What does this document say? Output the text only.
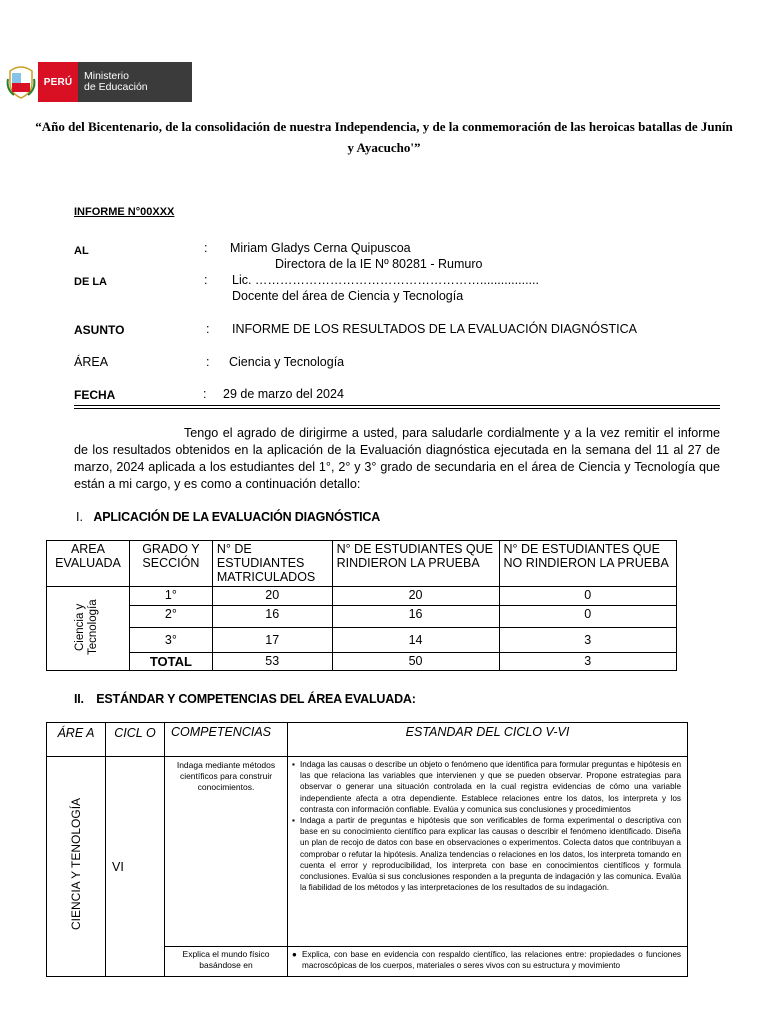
PERÚ	Ministerio
de Educación
“Año del Bicentenario, de la consolidación de nuestra Independencia, y de la conmemoración de las heroicas batallas de Junín
y Ayacucho'”
INFORME N°00XXX
AL	: Miriam Gladys Cerna Quipuscoa
Directora de la IE Nº 80281 - Rumuro
DE LA	: Lic. ……………………………………………….................
Docente del área de Ciencia y Tecnología
ASUNTO	: INFORME DE LOS RESULTADOS DE LA EVALUACIÓN DIAGNÓSTICA
ÁREA	: Ciencia y Tecnología
FECHA	: 29 de marzo del 2024
Tengo el agrado de dirigirme a usted, para saludarle cordialmente y a la vez remitir el informe de los resultados obtenidos en la aplicación de la Evaluación diagnóstica ejecutada en la semana del 11 al 27 de marzo, 2024 aplicada a los estudiantes del 1°, 2° y 3° grado de secundaria en el área de Ciencia y Tecnología que están a mi cargo, y es como a continuación detallo:
I. APLICACIÓN DE LA EVALUACIÓN DIAGNÓSTICA
AREA EVALUADA	GRADO Y SECCIÓN	N° DE ESTUDIANTES MATRICULADOS	N° DE ESTUDIANTES QUE RINDIERON LA PRUEBA	N° DE ESTUDIANTES QUE NO RINDIERON LA PRUEBA
Ciencia y Tecnología	1°	20	20	0
	2°	16	16	0
	3°	17	14	3
	TOTAL	53	50	3
II. ESTÁNDAR Y COMPETENCIAS DEL ÁREA EVALUADA:
ÁRE A	CICL O	COMPETENCIAS	ESTANDAR DEL CICLO V-VI
CIENCIA Y TENOLOGÍA	VI	Indaga mediante métodos científicos para construir conocimientos.	▪ Indaga las causas o describe un objeto o fenómeno que identifica para formular preguntas e hipótesis en las que relaciona las variables que intervienen y que se pueden observar. Propone estrategias para observar o generar una situación controlada en la cual registra evidencias de cómo una variable independiente afecta a otra dependiente. Establece relaciones entre los datos, los interpreta y los contrasta con información confiable. Evalúa y comunica sus conclusiones y procedimientos
▪ Indaga a partir de preguntas e hipótesis que son verificables de forma experimental o descriptiva con base en su conocimiento científico para explicar las causas o describir el fenómeno identificado. Diseña un plan de recojo de datos con base en observaciones o experimentos. Colecta datos que contribuyan a comprobar o refutar la hipótesis. Analiza tendencias o relaciones en los datos, los interpreta tomando en cuenta el error y reproducibilidad, los interpreta con base en conocimientos científicos y formula conclusiones. Evalúa si sus conclusiones responden a la pregunta de indagación y las comunica. Evalúa la fiabilidad de los métodos y las interpretaciones de los resultados de su indagación.

		Explica el mundo físico basándose en	● Explica, con base en evidencia con respaldo científico, las relaciones entre: propiedades o funciones macroscópicas de los cuerpos, materiales o seres vivos con su estructura y movimiento
